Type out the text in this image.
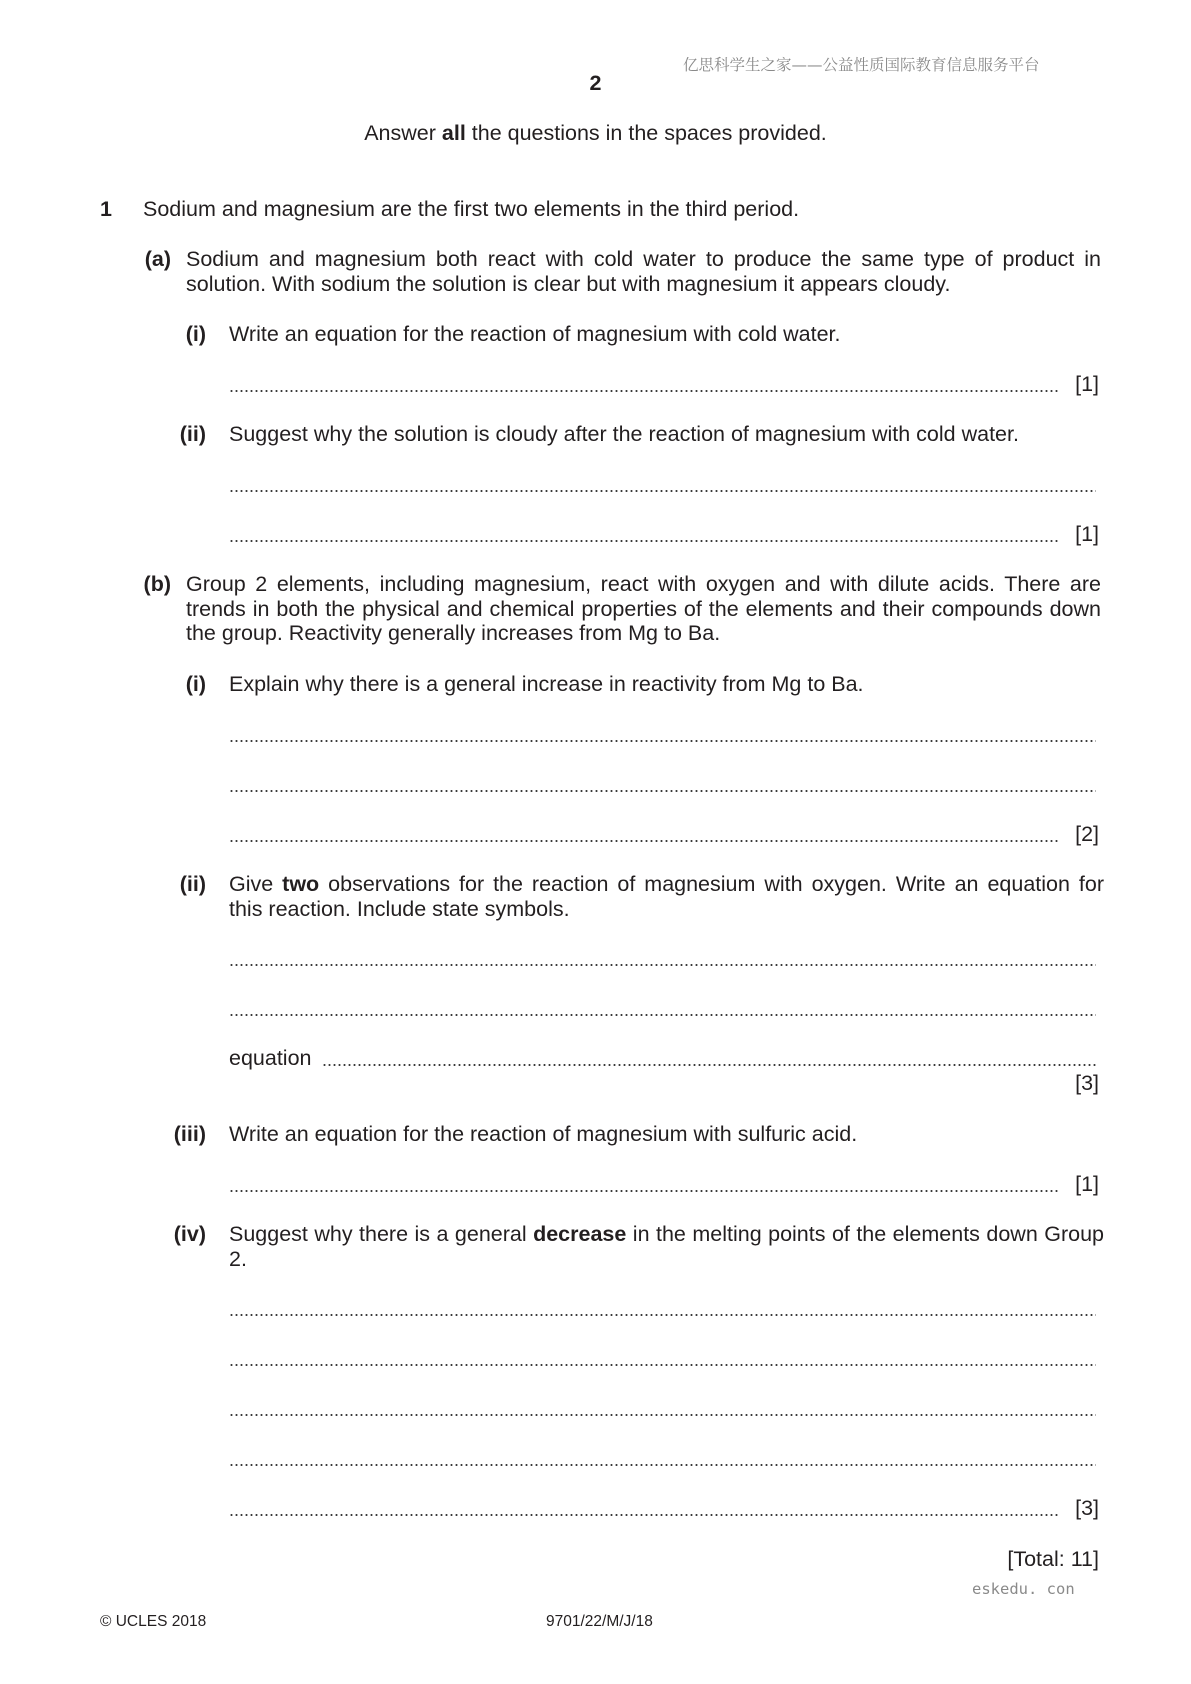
亿思科学生之家——公益性质国际教育信息服务平台
2
Answer all the questions in the spaces provided.
1 Sodium and magnesium are the first two elements in the third period.
(a) Sodium and magnesium both react with cold water to produce the same type of product in solution. With sodium the solution is clear but with magnesium it appears cloudy.
(i) Write an equation for the reaction of magnesium with cold water.
[1]
(ii) Suggest why the solution is cloudy after the reaction of magnesium with cold water.
[1]
(b) Group 2 elements, including magnesium, react with oxygen and with dilute acids. There are trends in both the physical and chemical properties of the elements and their compounds down the group. Reactivity generally increases from Mg to Ba.
(i) Explain why there is a general increase in reactivity from Mg to Ba.
[2]
(ii) Give two observations for the reaction of magnesium with oxygen. Write an equation for this reaction. Include state symbols.
equation
[3]
(iii) Write an equation for the reaction of magnesium with sulfuric acid.
[1]
(iv) Suggest why there is a general decrease in the melting points of the elements down Group 2.
[3]
[Total: 11]
eskedu. con
© UCLES 2018	9701/22/M/J/18
